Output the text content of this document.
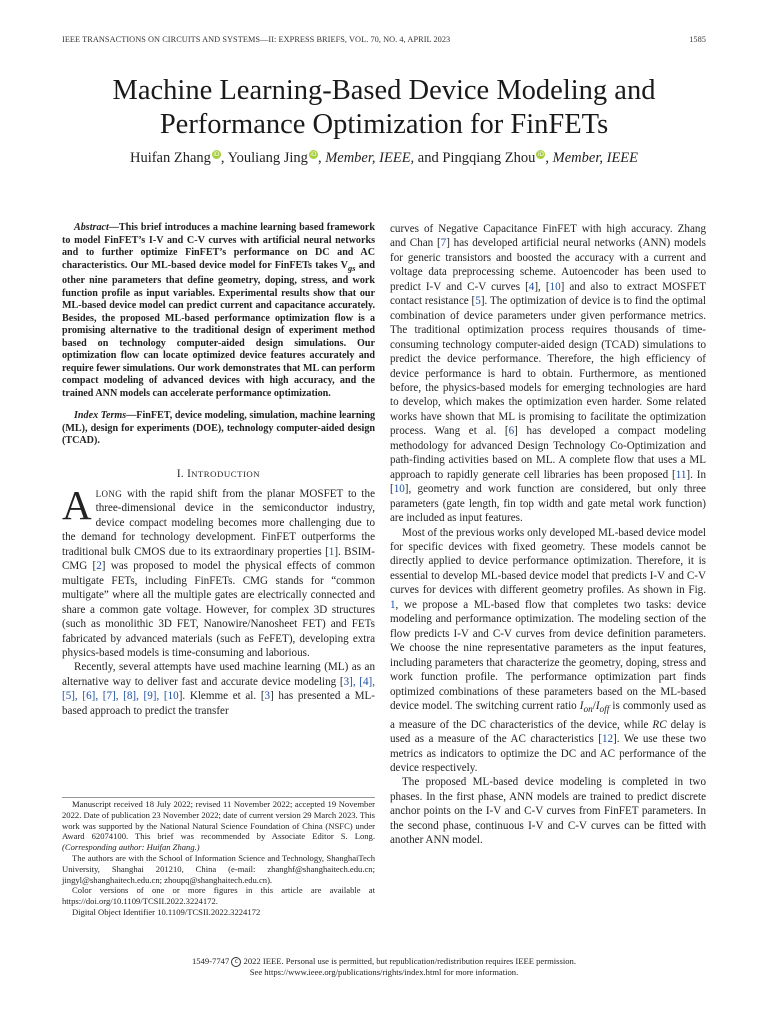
IEEE TRANSACTIONS ON CIRCUITS AND SYSTEMS—II: EXPRESS BRIEFS, VOL. 70, NO. 4, APRIL 2023	1585
Machine Learning-Based Device Modeling and
Performance Optimization for FinFETs
Huifan Zhang iD, Youliang Jing iD, Member, IEEE, and Pingqiang Zhou iD, Member, IEEE

Abstract—This brief introduces a machine learning based framework to model FinFET’s I-V and C-V curves with artificial neural networks and to further optimize FinFET’s performance on DC and AC characteristics. Our ML-based device model for FinFETs takes $V_{gs}$ and other nine parameters that define geometry, doping, stress, and work function profile as input variables. Experimental results show that our ML-based device model can predict current and capacitance accurately. Besides, the proposed ML-based performance optimization flow is a promising alternative to the traditional design of experiment method based on technology computer-aided design simulations. Our optimization flow can locate optimized device features accurately and require fewer simulations. Our work demonstrates that ML can perform compact modeling of advanced devices with high accuracy, and the trained ANN models can accelerate performance optimization.

Index Terms—FinFET, device modeling, simulation, machine learning (ML), design for experiments (DOE), technology computer-aided design (TCAD).

I. INTRODUCTION

ALONG with the rapid shift from the planar MOSFET to the three-dimensional device in the semiconductor industry, device compact modeling becomes more challenging due to the demand for technology development. FinFET outperforms the traditional bulk CMOS due to its extraordinary properties [1]. BSIM-CMG [2] was proposed to model the physical effects of common multigate FETs, including FinFETs. CMG stands for “common multigate” where all the multiple gates are electrically connected and share a common gate voltage. However, for complex 3D structures (such as monolithic 3D FET, Nanowire/Nanosheet FET) and FETs fabricated by advanced materials (such as FeFET), developing extra physics-based models is time-consuming and laborious.

Recently, several attempts have used machine learning (ML) as an alternative way to deliver fast and accurate device modeling [3], [4], [5], [6], [7], [8], [9], [10]. Klemme et al. [3] has presented a ML-based approach to predict the transfer

Manuscript received 18 July 2022; revised 11 November 2022; accepted 19 November 2022. Date of publication 23 November 2022; date of current version 29 March 2023. This work was supported by the National Natural Science Foundation of China (NSFC) under Award 62074100. This brief was recommended by Associate Editor S. Long. (Corresponding author: Huifan Zhang.)

The authors are with the School of Information Science and Technology, ShanghaiTech University, Shanghai 201210, China (e-mail: zhanghf@shanghaitech.edu.cn; jingyl@shanghaitech.edu.cn; zhoupq@shanghaitech.edu.cn).

Color versions of one or more figures in this article are available at https://doi.org/10.1109/TCSII.2022.3224172.

Digital Object Identifier 10.1109/TCSII.2022.3224172

curves of Negative Capacitance FinFET with high accuracy. Zhang and Chan [7] has developed artificial neural networks (ANN) models for generic transistors and boosted the accuracy with a current and voltage data preprocessing scheme. Autoencoder has been used to predict I-V and C-V curves [4], [10] and also to extract MOSFET contact resistance [5]. The optimization of device is to find the optimal combination of device parameters under given performance metrics. The traditional optimization process requires thousands of time-consuming technology computer-aided design (TCAD) simulations to predict the device performance. Therefore, the high efficiency of device performance is hard to obtain. Furthermore, as mentioned before, the physics-based models for emerging technologies are hard to develop, which makes the optimization even harder. Some related works have shown that ML is promising to facilitate the optimization process. Wang et al. [6] has developed a compact modeling methodology for advanced Design Technology Co-Optimization and path-finding activities based on ML. A complete flow that uses a ML approach to rapidly generate cell libraries has been proposed [11]. In [10], geometry and work function are considered, but only three parameters (gate length, fin top width and gate metal work function) are included as input features.

Most of the previous works only developed ML-based device model for specific devices with fixed geometry. These models cannot be directly applied to device performance optimization. Therefore, it is essential to develop ML-based device model that predicts I-V and C-V curves for devices with different geometry profiles. As shown in Fig. 1, we propose a ML-based flow that completes two tasks: device modeling and performance optimization. The modeling section of the flow predicts I-V and C-V curves from device definition parameters. We choose the nine representative parameters as the input features, including parameters that characterize the geometry, doping, stress and work function profile. The performance optimization part finds optimized combinations of these parameters based on the ML-based device model. The switching current ratio $I_{on}/I_{off}$ is commonly used as a measure of the DC characteristics of the device, while RC delay is used as a measure of the AC characteristics [12]. We use these two metrics as indicators to optimize the DC and AC performance of the device respectively.

The proposed ML-based device modeling is completed in two phases. In the first phase, ANN models are trained to predict discrete anchor points on the I-V and C-V curves from FinFET parameters. In the second phase, continuous I-V and C-V curves can be fitted with another ANN model.

1549-7747 c 2022 IEEE. Personal use is permitted, but republication/redistribution requires IEEE permission.
See https://www.ieee.org/publications/rights/index.html for more information.
